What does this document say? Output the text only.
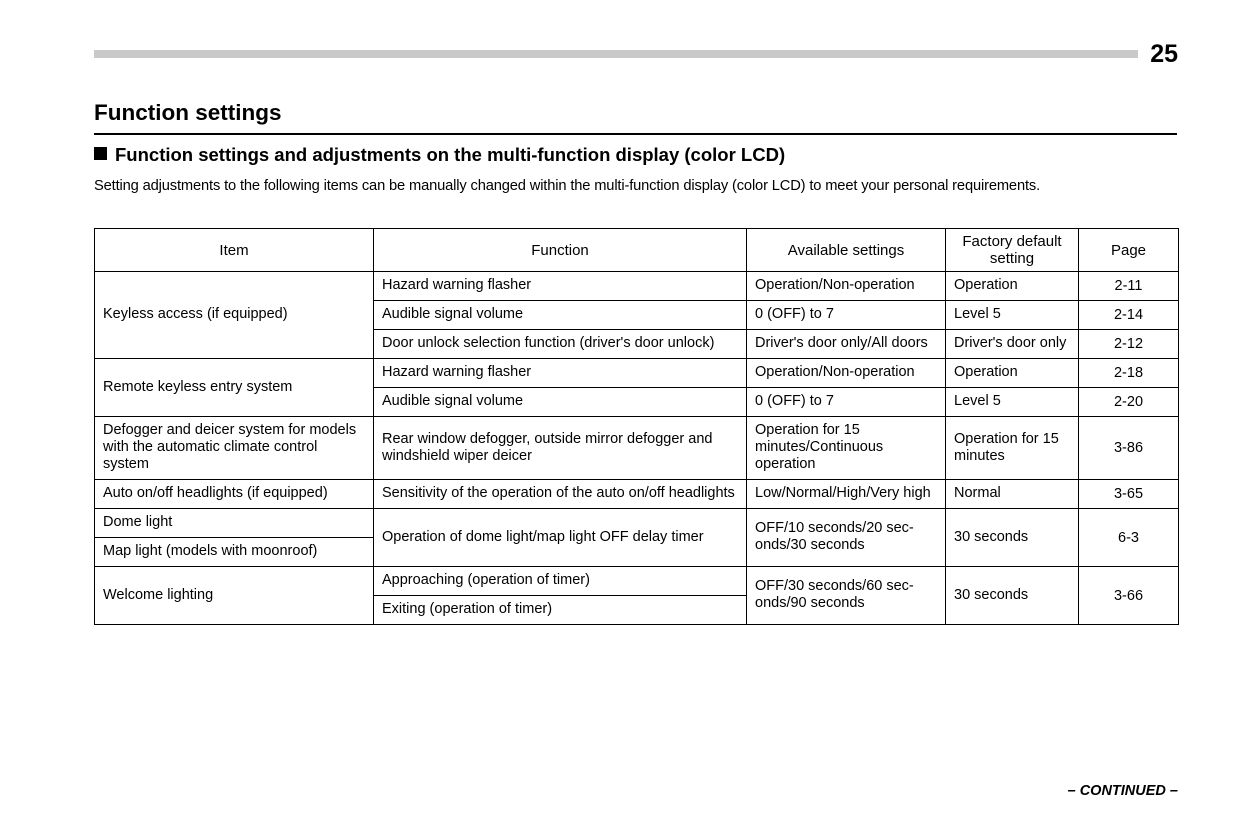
25
Function settings
Function settings and adjustments on the multi-function display (color LCD)
Setting adjustments to the following items can be manually changed within the multi-function display (color LCD) to meet your personal requirements.
Item	Function	Available settings	Factory default setting	Page

Keyless access (if equipped)	Hazard warning flasher	Operation/Non-operation	Operation	2-11

	Audible signal volume	0 (OFF) to 7	Level 5	2-14

	Door unlock selection function (driver's door unlock)	Driver's door only/All doors	Driver's door only	2-12

Remote keyless entry system	Hazard warning flasher	Operation/Non-operation	Operation	2-18

	Audible signal volume	0 (OFF) to 7	Level 5	2-20

Defogger and deicer system for models with the automatic climate control system	Rear window defogger, outside mirror defogger and windshield wiper deicer	Operation for 15 minutes/Continuous operation	Operation for 15 minutes	3-86

Auto on/off headlights (if equipped)	Sensitivity of the operation of the auto on/off headlights	Low/Normal/High/Very high	Normal	3-65

Dome light	Operation of dome light/map light OFF delay timer	OFF/10 seconds/20 sec-onds/30 seconds	30 seconds	6-3

Map light (models with moonroof)				

Welcome lighting	Approaching (operation of timer)	OFF/30 seconds/60 sec-onds/90 seconds	30 seconds	3-66

	Exiting (operation of timer)			
– CONTINUED –
